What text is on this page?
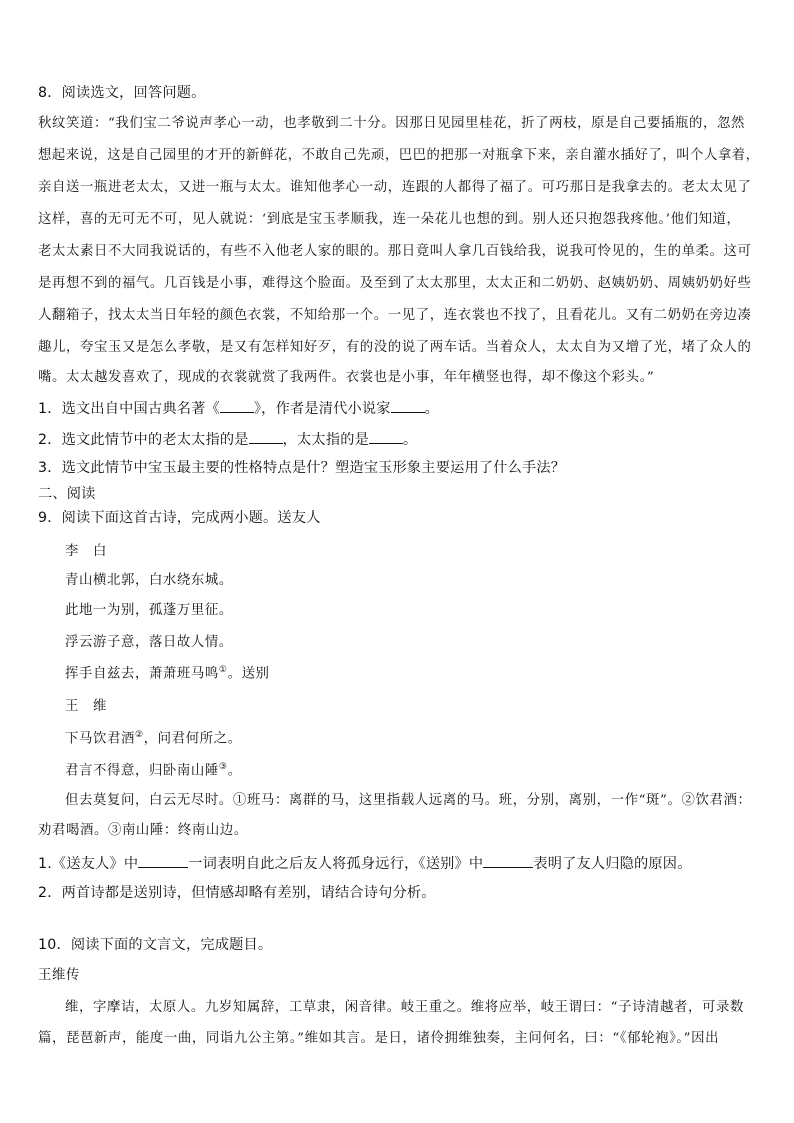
8．阅读选文，回答问题。
秋纹笑道：“我们宝二爷说声孝心一动，也孝敬到二十分。因那日见园里桂花，折了两枝，原是自己要插瓶的，忽然
想起来说，这是自己园里的才开的新鲜花，不敢自己先顽，巴巴的把那一对瓶拿下来，亲自灌水插好了，叫个人拿着，
亲自送一瓶进老太太，又进一瓶与太太。谁知他孝心一动，连跟的人都得了福了。可巧那日是我拿去的。老太太见了
这样，喜的无可无不可，见人就说：‘到底是宝玉孝顺我，连一朵花儿也想的到。别人还只抱怨我疼他。’他们知道，
老太太素日不大同我说话的，有些不入他老人家的眼的。那日竟叫人拿几百钱给我，说我可怜见的，生的单柔。这可
是再想不到的福气。几百钱是小事，难得这个脸面。及至到了太太那里，太太正和二奶奶、赵姨奶奶、周姨奶奶好些
人翻箱子，找太太当日年轻的颜色衣裳，不知给那一个。一见了，连衣裳也不找了，且看花儿。又有二奶奶在旁边凑
趣儿，夸宝玉又是怎么孝敬，是又有怎样知好歹，有的没的说了两车话。当着众人，太太自为又增了光，堵了众人的
嘴。太太越发喜欢了，现成的衣裳就赏了我两件。衣裳也是小事，年年横竖也得，却不像这个彩头。”
1．选文出自中国古典名著《 》，作者是清代小说家 。
2．选文此情节中的老太太指的是 ，太太指的是 。
3．选文此情节中宝玉最主要的性格特点是什？塑造宝玉形象主要运用了什么手法？
二、阅读
9．阅读下面这首古诗，完成两小题。送友人
李　白
青山横北郭，白水绕东城。
此地一为别，孤蓬万里征。
浮云游子意，落日故人情。
挥手自兹去，萧萧班马鸣①。送别
王　维
下马饮君酒②，问君何所之。
君言不得意，归卧南山陲③。
但去莫复问，白云无尽时。①班马：离群的马，这里指载人远离的马。班，分别，离别，一作“斑”。②饮君酒：
劝君喝酒。③南山陲：终南山边。
1.《送友人》中	一词表明自此之后友人将孤身远行，《送别》中	表明了友人归隐的原因。
2．两首诗都是送别诗，但情感却略有差别，请结合诗句分析。
10．阅读下面的文言文，完成题目。
王维传
维，字摩诘，太原人。九岁知属辞，工草隶，闲音律。岐王重之。维将应举，岐王谓曰：“子诗清越者，可录数
篇，琵琶新声，能度一曲，同诣九公主第。”维如其言。是日，诸伶拥维独奏，主问何名，曰：“《郁轮袍》。”因出
